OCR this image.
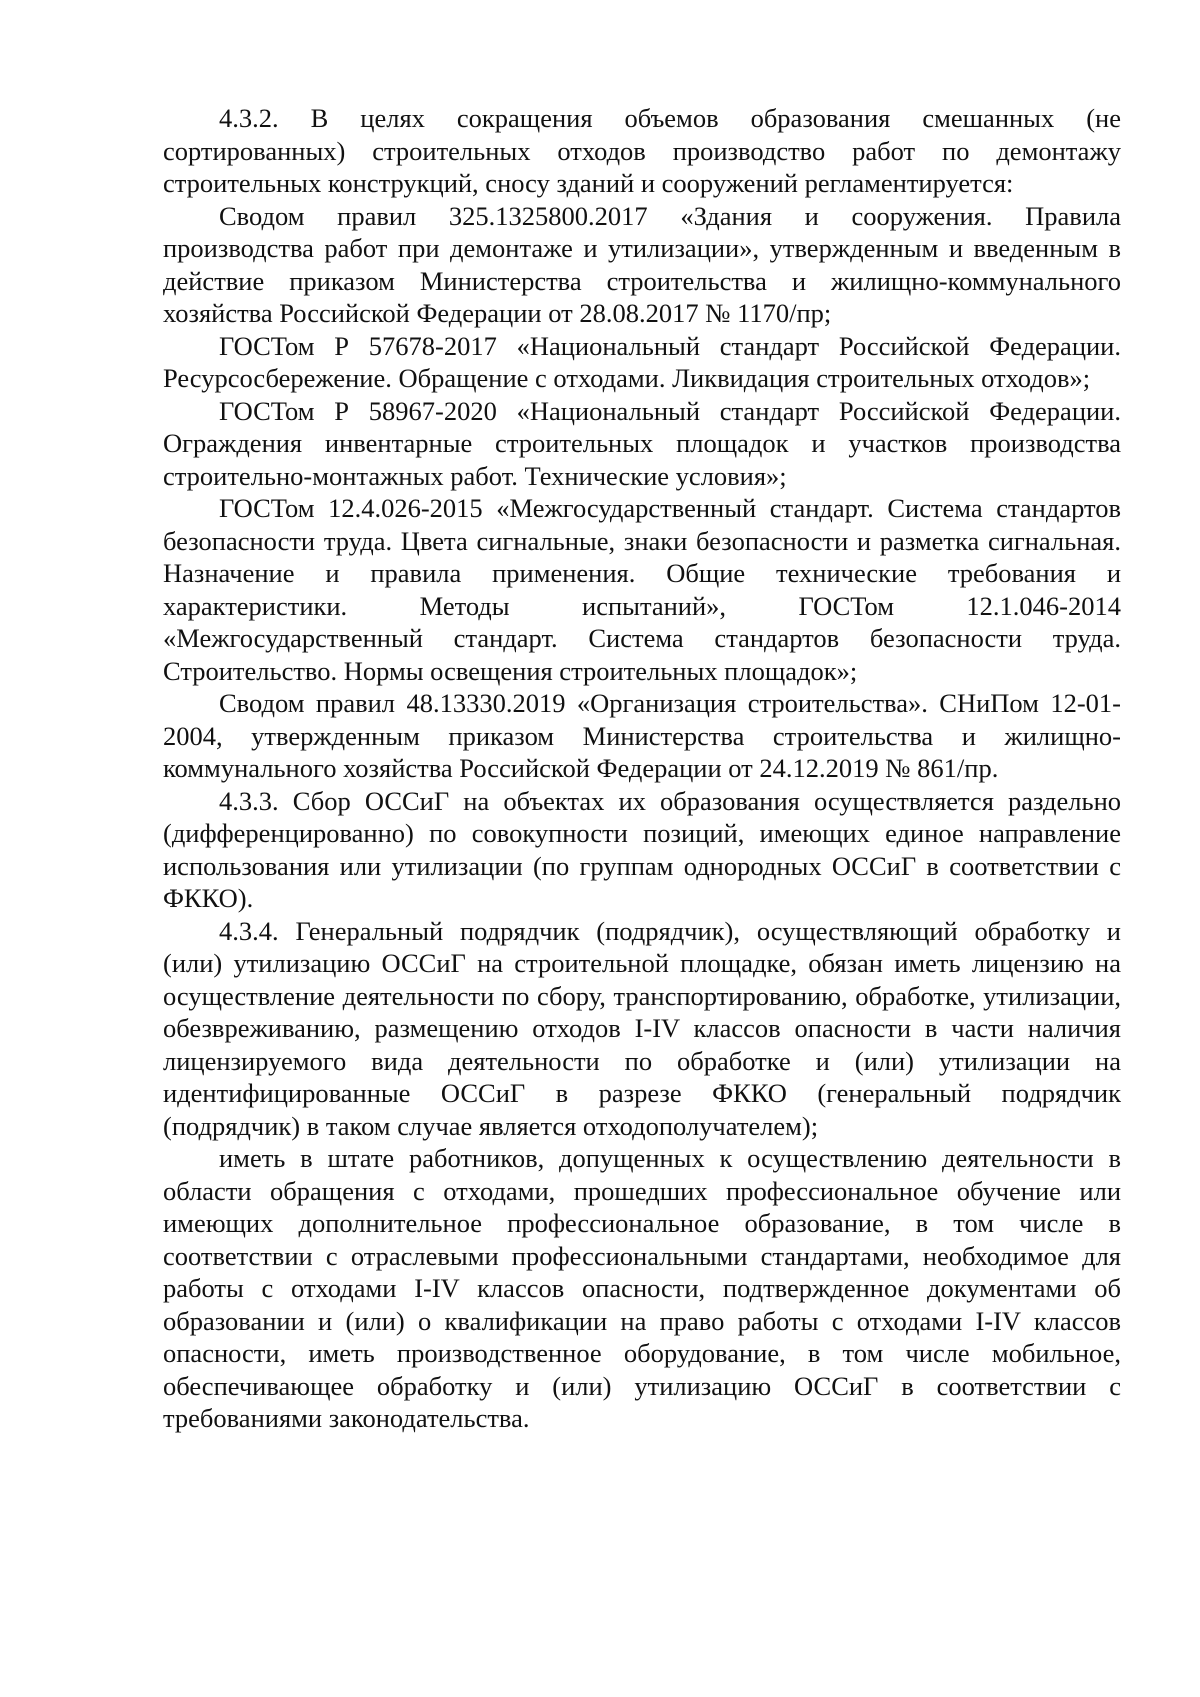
4.3.2. В целях сокращения объемов образования смешанных (не сортированных) строительных отходов производство работ по демонтажу строительных конструкций, сносу зданий и сооружений регламентируется:

Сводом правил 325.1325800.2017 «Здания и сооружения. Правила производства работ при демонтаже и утилизации», утвержденным и введенным в действие приказом Министерства строительства и жилищно-коммунального хозяйства Российской Федерации от 28.08.2017 № 1170/пр;

ГОСТом Р 57678-2017 «Национальный стандарт Российской Федерации. Ресурсосбережение. Обращение с отходами. Ликвидация строительных отходов»;

ГОСТом Р 58967-2020 «Национальный стандарт Российской Федерации. Ограждения инвентарные строительных площадок и участков производства строительно-монтажных работ. Технические условия»;

ГОСТом 12.4.026-2015 «Межгосударственный стандарт. Система стандартов безопасности труда. Цвета сигнальные, знаки безопасности и разметка сигнальная. Назначение и правила применения. Общие технические требования и характеристики. Методы испытаний», ГОСТом 12.1.046-2014 «Межгосударственный стандарт. Система стандартов безопасности труда. Строительство. Нормы освещения строительных площадок»;

Сводом правил 48.13330.2019 «Организация строительства». СНиПом 12-01-2004, утвержденным приказом Министерства строительства и жилищно-коммунального хозяйства Российской Федерации от 24.12.2019 № 861/пр.

4.3.3. Сбор ОССиГ на объектах их образования осуществляется раздельно (дифференцированно) по совокупности позиций, имеющих единое направление использования или утилизации (по группам однородных ОССиГ в соответствии с ФККО).

4.3.4. Генеральный подрядчик (подрядчик), осуществляющий обработку и (или) утилизацию ОССиГ на строительной площадке, обязан иметь лицензию на осуществление деятельности по сбору, транспортированию, обработке, утилизации, обезвреживанию, размещению отходов I-IV классов опасности в части наличия лицензируемого вида деятельности по обработке и (или) утилизации на идентифицированные ОССиГ в разрезе ФККО (генеральный подрядчик (подрядчик) в таком случае является отходополучателем);

иметь в штате работников, допущенных к осуществлению деятельности в области обращения с отходами, прошедших профессиональное обучение или имеющих дополнительное профессиональное образование, в том числе в соответствии с отраслевыми профессиональными стандартами, необходимое для работы с отходами I-IV классов опасности, подтвержденное документами об образовании и (или) о квалификации на право работы с отходами I-IV классов опасности, иметь производственное оборудование, в том числе мобильное, обеспечивающее обработку и (или) утилизацию ОССиГ в соответствии с требованиями законодательства.
